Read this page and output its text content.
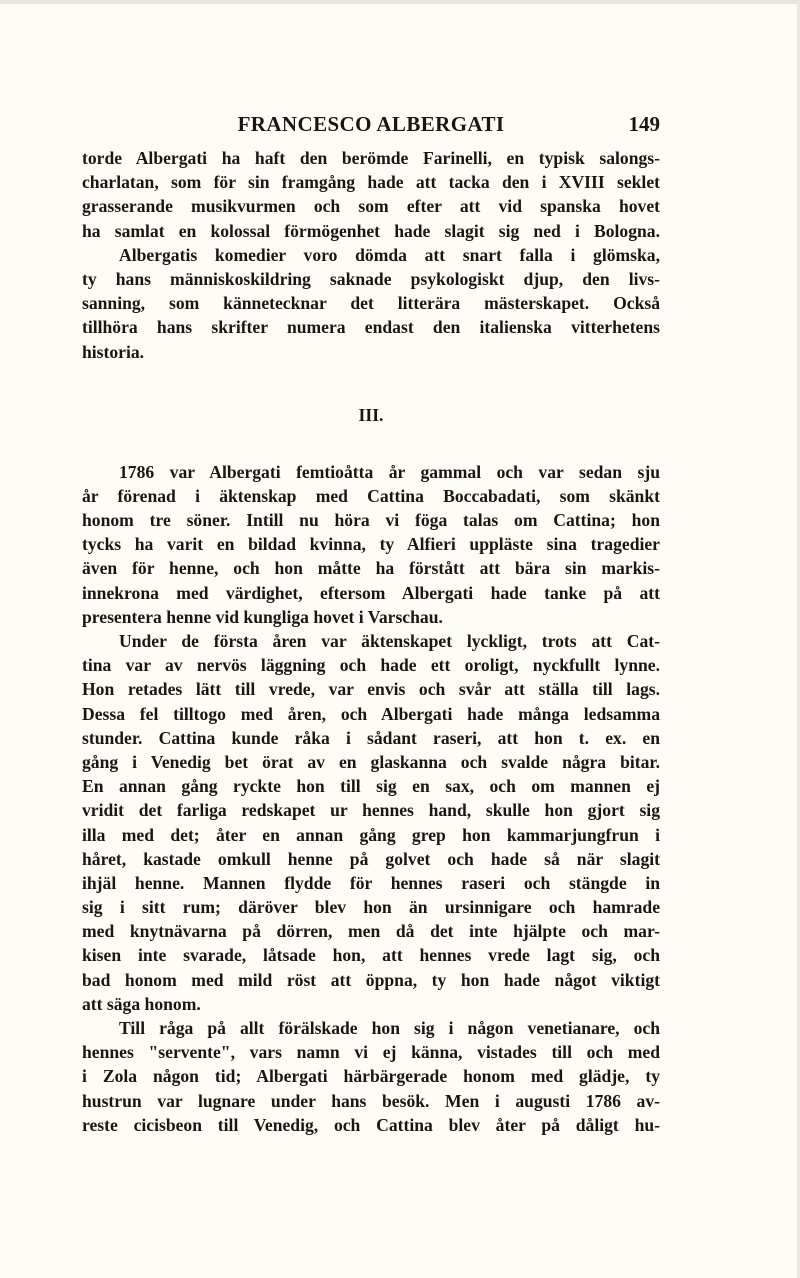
FRANCESCO ALBERGATI	149
torde Albergati ha haft den berömde Farinelli, en typisk salongs-
charlatan, som för sin framgång hade att tacka den i XVIII seklet
grasserande musikvurmen och som efter att vid spanska hovet
ha samlat en kolossal förmögenhet hade slagit sig ned i Bologna.
Albergatis komedier voro dömda att snart falla i glömska,
ty hans människoskildring saknade psykologiskt djup, den livs-
sanning, som kännetecknar det litterära mästerskapet. Också
tillhöra hans skrifter numera endast den italienska vitterhetens
historia.
III.
1786 var Albergati femtioåtta år gammal och var sedan sju
år förenad i äktenskap med Cattina Boccabadati, som skänkt
honom tre söner. Intill nu höra vi föga talas om Cattina; hon
tycks ha varit en bildad kvinna, ty Alfieri uppläste sina tragedier
även för henne, och hon måtte ha förstått att bära sin markis-
innekrona med värdighet, eftersom Albergati hade tanke på att
presentera henne vid kungliga hovet i Varschau.
Under de första åren var äktenskapet lyckligt, trots att Cat-
tina var av nervös läggning och hade ett oroligt, nyckfullt lynne.
Hon retades lätt till vrede, var envis och svår att ställa till lags.
Dessa fel tilltogo med åren, och Albergati hade många ledsamma
stunder. Cattina kunde råka i sådant raseri, att hon t. ex. en
gång i Venedig bet örat av en glaskanna och svalde några bitar.
En annan gång ryckte hon till sig en sax, och om mannen ej
vridit det farliga redskapet ur hennes hand, skulle hon gjort sig
illa med det; åter en annan gång grep hon kammarjungfrun i
håret, kastade omkull henne på golvet och hade så när slagit
ihjäl henne. Mannen flydde för hennes raseri och stängde in
sig i sitt rum; däröver blev hon än ursinnigare och hamrade
med knytnävarna på dörren, men då det inte hjälpte och mar-
kisen inte svarade, låtsade hon, att hennes vrede lagt sig, och
bad honom med mild röst att öppna, ty hon hade något viktigt
att säga honom.
Till råga på allt förälskade hon sig i någon venetianare, och
hennes "servente", vars namn vi ej känna, vistades till och med
i Zola någon tid; Albergati härbärgerade honom med glädje, ty
hustrun var lugnare under hans besök. Men i augusti 1786 av-
reste cicisbeon till Venedig, och Cattina blev åter på dåligt hu-
